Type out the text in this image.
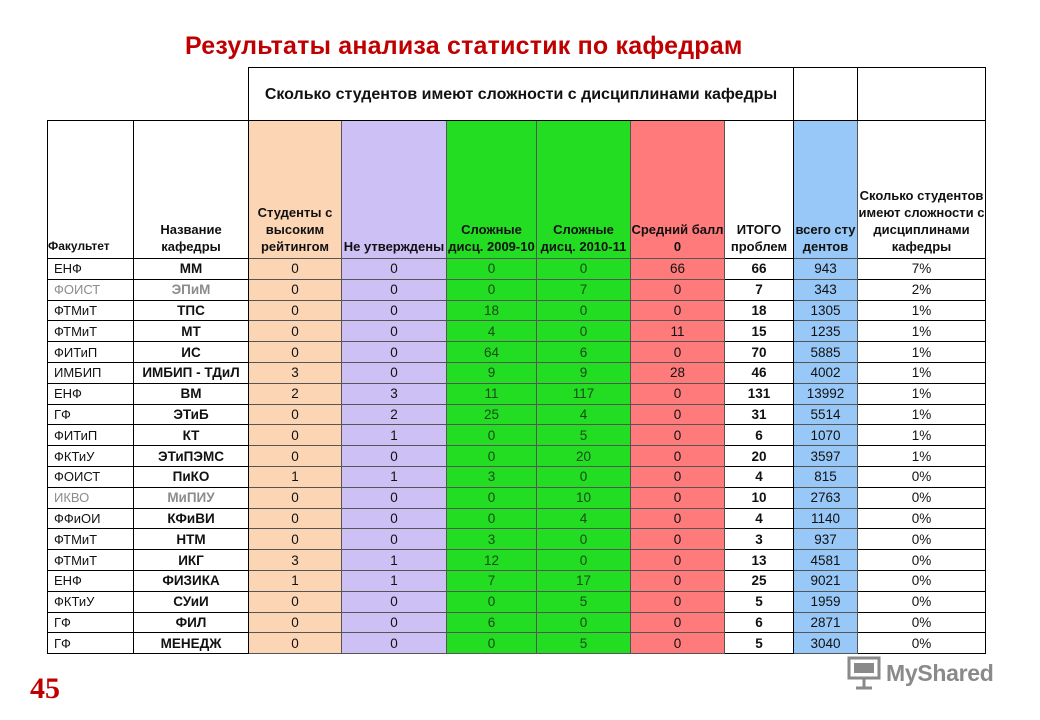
Результаты анализа статистик по кафедрам
		Сколько студентов имеют сложности с дисциплинами кафедры							
Факультет	Название кафедры	Студенты с высоким рейтингом	Не утверждены	Сложные дисц. 2009-10	Сложные дисц. 2010-11	Средний балл 0	ИТОГО проблем	всего студентов	Сколько студентов имеют сложности с дисциплинами кафедры
ЕНФ	ММ	0	0	0	0	66	66	943	7%
ФОИСТ	ЭПиМ	0	0	0	7	0	7	343	2%
ФТМиТ	ТПС	0	0	18	0	0	18	1305	1%
ФТМиТ	МТ	0	0	4	0	11	15	1235	1%
ФИТиП	ИС	0	0	64	6	0	70	5885	1%
ИМБИП	ИМБИП - ТДиЛ	3	0	9	9	28	46	4002	1%
ЕНФ	ВМ	2	3	11	117	0	131	13992	1%
ГФ	ЭТиБ	0	2	25	4	0	31	5514	1%
ФИТиП	КТ	0	1	0	5	0	6	1070	1%
ФКТиУ	ЭТиПЭМС	0	0	0	20	0	20	3597	1%
ФОИСТ	ПиКО	1	1	3	0	0	4	815	0%
ИКВО	МиПИУ	0	0	0	10	0	10	2763	0%
ФФиОИ	КФиВИ	0	0	0	4	0	4	1140	0%
ФТМиТ	НТМ	0	0	3	0	0	3	937	0%
ФТМиТ	ИКГ	3	1	12	0	0	13	4581	0%
ЕНФ	ФИЗИКА	1	1	7	17	0	25	9021	0%
ФКТиУ	СУиИ	0	0	0	5	0	5	1959	0%
ГФ	ФИЛ	0	0	6	0	0	6	2871	0%
ГФ	МЕНЕДЖ	0	0	0	5	0	5	3040	0%
45	MyShared
